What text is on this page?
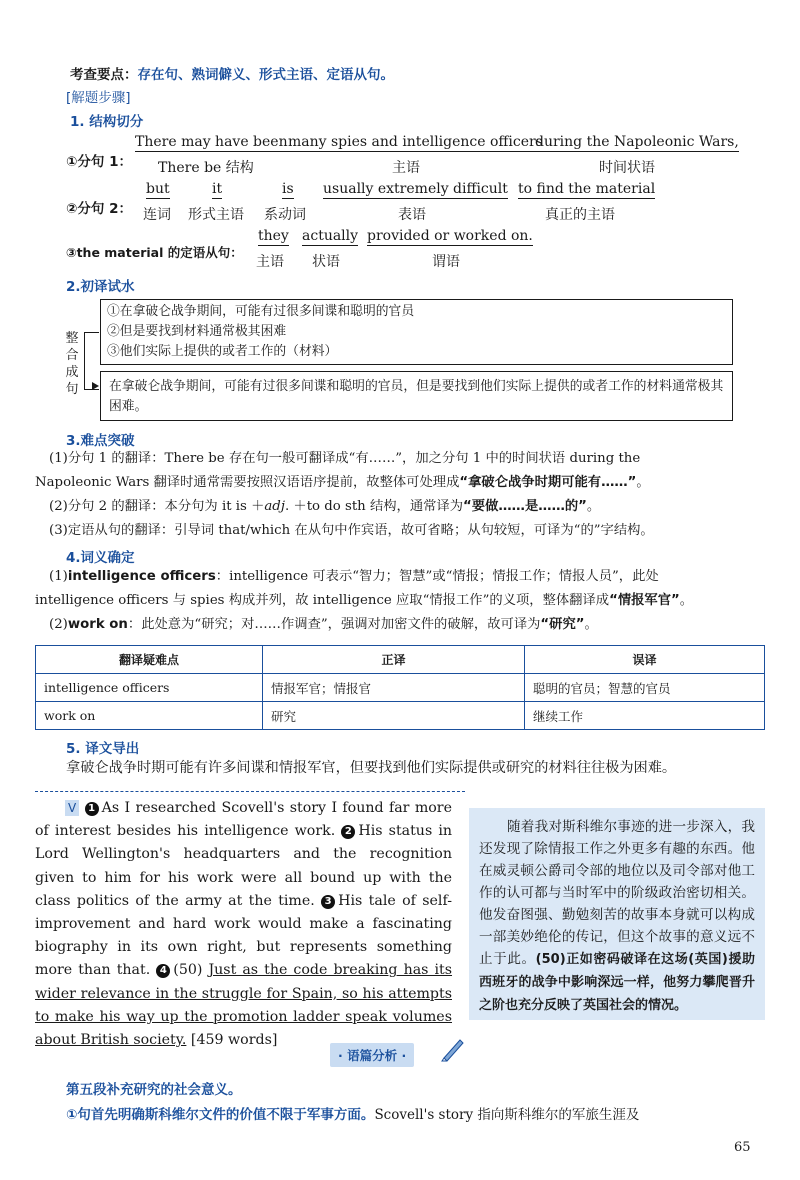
考查要点：存在句、熟词僻义、形式主语、定语从句。
[解题步骤]
1. 结构切分
①分句 1：
There may have been
There be 结构
many spies and intelligence officers
主语
during the Napoleonic Wars,
时间状语
②分句 2：
but
连词
it
形式主语
is
系动词
usually extremely difficult
表语
to find the material
真正的主语
③the material 的定语从句：
they
主语
actually
状语
provided or worked on.
谓语
2.初译试水
①在拿破仑战争期间，可能有过很多间谍和聪明的官员
②但是要找到材料通常极其困难
③他们实际上提供的或者工作的（材料）
整
合
成
句	在拿破仑战争期间，可能有过很多间谍和聪明的官员，但是要找到他们实际上提供的或者工作的材料通常极其困难。
3.难点突破
(1)分句 1 的翻译：There be 存在句一般可翻译成“有……”，加之分句 1 中的时间状语 during the
Napoleonic Wars 翻译时通常需要按照汉语语序提前，故整体可处理成“拿破仑战争时期可能有……”。
(2)分句 2 的翻译：本分句为 it is ＋adj. ＋to do sth 结构，通常译为“要做……是……的”。
(3)定语从句的翻译：引导词 that/which 在从句中作宾语，故可省略；从句较短，可译为“的”字结构。
4.词义确定
(1)intelligence officers：intelligence 可表示“智力；智慧”或“情报；情报工作；情报人员”，此处
intelligence officers 与 spies 构成并列，故 intelligence 应取“情报工作”的义项，整体翻译成“情报军官”。
(2)work on：此处意为“研究；对……作调查”，强调对加密文件的破解，故可译为“研究”。
翻译疑难点	正译	误译
intelligence officers	情报军官；情报官	聪明的官员；智慧的官员
work on	研究	继续工作
5. 译文导出
拿破仑战争时期可能有许多间谍和情报军官，但要找到他们实际提供或研究的材料往往极为困难。
V 1 As I researched Scovell's story I found far more of interest besides his intelligence work. 2 His status in Lord Wellington's headquarters and the recognition given to him for his work were all bound up with the class politics of the army at the time. 3 His tale of self-improvement and hard work would make a fascinating biography in its own right, but represents something more than that. 4 (50) Just as the code breaking has its wider relevance in the struggle for Spain, so his attempts to make his way up the promotion ladder speak volumes about British society. [459 words]
随着我对斯科维尔事迹的进一步深入，我还发现了除情报工作之外更多有趣的东西。他在威灵顿公爵司令部的地位以及司令部对他工作的认可都与当时军中的阶级政治密切相关。他发奋图强、勤勉刻苦的故事本身就可以构成一部美妙绝伦的传记，但这个故事的意义远不止于此。(50)正如密码破译在这场(英国)援助西班牙的战争中影响深远一样，他努力攀爬晋升之阶也充分反映了英国社会的情况。
· 语篇分析 ·
第五段补充研究的社会意义。
①句首先明确斯科维尔文件的价值不限于军事方面。Scovell's story 指向斯科维尔的军旅生涯及
65
